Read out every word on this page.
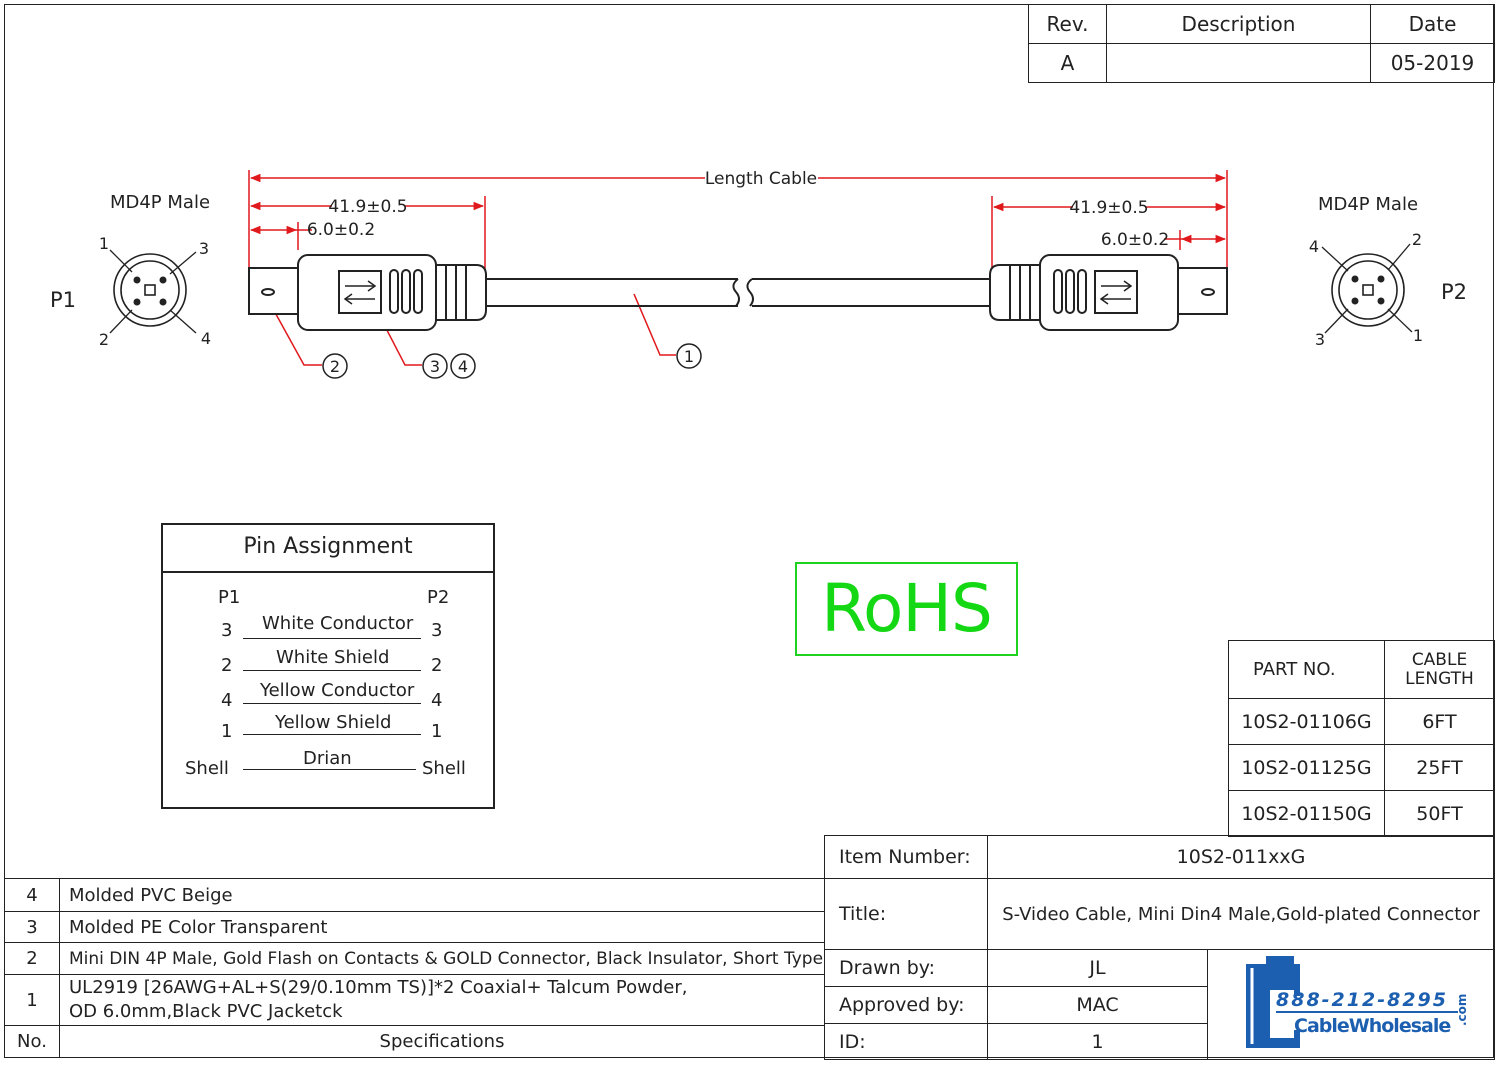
Rev.	Description	Date
A		05-2019
1
2	3 4
Length Cable
41.9±0.5
6.0±0.2
41.9±0.5
6.0±0.2
MD4P Male
P1
1	3
2	4
MD4P Male
P2
4	2
3	1
Pin Assignment
P1	P2
3 White Conductor 3
2 White Shield 2
4 Yellow Conductor 4
1 Yellow Shield 1
Shell	Drian	Shell
RoHS
PART NO.	CABLE
LENGTH
10S2-01106G	6FT
10S2-01125G	25FT
10S2-01150G	50FT
4	Molded PVC Beige
3	Molded PE Color Transparent
2	Mini DIN 4P Male, Gold Flash on Contacts & GOLD Connector, Black Insulator, Short Type
1	UL2919 [26AWG+AL+S(29/0.10mm TS)]*2 Coaxial+ Talcum Powder,
OD 6.0mm,Black PVC Jacketck

No.	Specifications
Item Number:	10S2-011xxG	
Title:	S-Video Cable, Mini Din4 Male,Gold-plated Connector	
Drawn by:	JL	888-212-8295
CableWholesale .com

Approved by:	MAC	
ID:	1	
